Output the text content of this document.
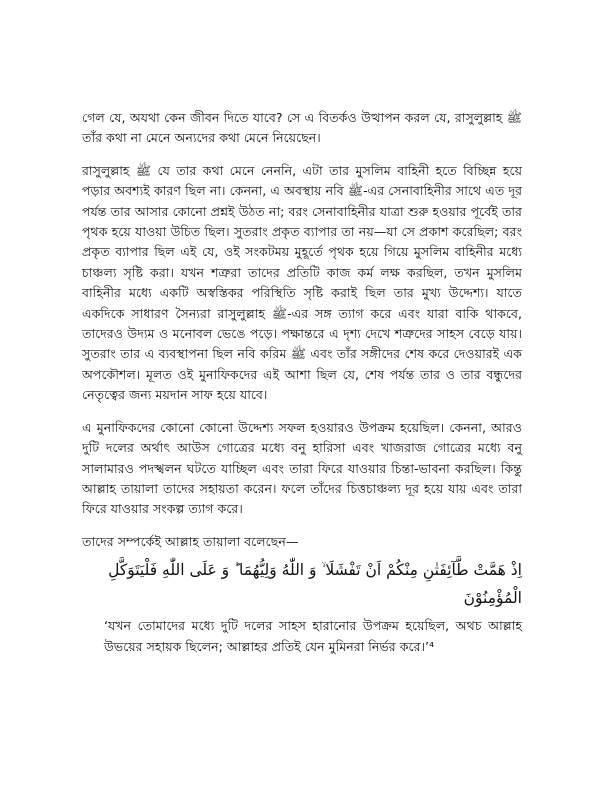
গেল যে, অযথা কেন জীবন দিতে যাবে? সে এ বিতর্কও উত্থাপন করল যে, রাসুলুল্লাহ ﷺ তাঁর কথা না মেনে অন্যদের কথা মেনে নিয়েছেন।

রাসুলুল্লাহ ﷺ যে তার কথা মেনে নেননি, এটা তার মুসলিম বাহিনী হতে বিচ্ছিন্ন হয়ে পড়ার অবশ্যই কারণ ছিল না। কেননা, এ অবস্থায় নবি ﷺ-এর সেনাবাহিনীর সাথে এত দূর পর্যন্ত তার আসার কোনো প্রশ্নই উঠত না; বরং সেনাবাহিনীর যাত্রা শুরু হওয়ার পূর্বেই তার পৃথক হয়ে যাওয়া উচিত ছিল। সুতরাং প্রকৃত ব্যাপার তা নয়—যা সে প্রকাশ করেছিল; বরং প্রকৃত ব্যাপার ছিল এই যে, ওই সংকটময় মুহূর্তে পৃথক হয়ে গিয়ে মুসলিম বাহিনীর মধ্যে চাঞ্চল্য সৃষ্টি করা। যখন শত্রুরা তাদের প্রতিটি কাজ কর্ম লক্ষ করছিল, তখন মুসলিম বাহিনীর মধ্যে একটি অস্বস্তিকর পরিস্থিতি সৃষ্টি করাই ছিল তার মুখ্য উদ্দেশ্য। যাতে একদিকে সাধারণ সৈন্যরা রাসুলুল্লাহ ﷺ-এর সঙ্গ ত্যাগ করে এবং যারা বাকি থাকবে, তাদেরও উদ্যম ও মনোবল ভেঙে পড়ে। পক্ষান্তরে এ দৃশ্য দেখে শত্রুদের সাহস বেড়ে যায়। সুতরাং তার এ ব্যবস্থাপনা ছিল নবি করিম ﷺ এবং তাঁর সঙ্গীদের শেষ করে দেওয়ারই এক অপকৌশল। মূলত ওই মুনাফিকদের এই আশা ছিল যে, শেষ পর্যন্ত তার ও তার বন্ধুদের নেতৃত্বের জন্য ময়দান সাফ হয়ে যাবে।

এ মুনাফিকদের কোনো কোনো উদ্দেশ্য সফল হওয়ারও উপক্রম হয়েছিল। কেননা, আরও দুটি দলের অর্থাৎ আউস গোত্রের মধ্যে বনু হারিসা এবং খাজরাজ গোত্রের মধ্যে বনু সালামারও পদস্খলন ঘটতে যাচ্ছিল এবং তারা ফিরে যাওয়ার চিন্তা-ভাবনা করছিল। কিন্তু আল্লাহ তায়ালা তাদের সহায়তা করেন। ফলে তাঁদের চিত্তচাঞ্চল্য দূর হয়ে যায় এবং তারা ফিরে যাওয়ার সংকল্প ত্যাগ করে।

তাদের সম্পর্কেই আল্লাহ তায়ালা বলেছেন—

اِذْ هَمَّتْ طَّآئِفَتٰنِ مِنْكُمْ اَنْ تَفْشَلَا ۙ وَ اللّٰهُ وَلِيُّهُمَا ؕ وَ عَلَى اللّٰهِ فَلْيَتَوَكَّلِ الْمُؤْمِنُوْنَ

‘যখন তোমাদের মধ্যে দুটি দলের সাহস হারানোর উপক্রম হয়েছিল, অথচ আল্লাহ উভয়ের সহায়ক ছিলেন; আল্লাহর প্রতিই যেন মুমিনরা নির্ভর করে।’⁴
